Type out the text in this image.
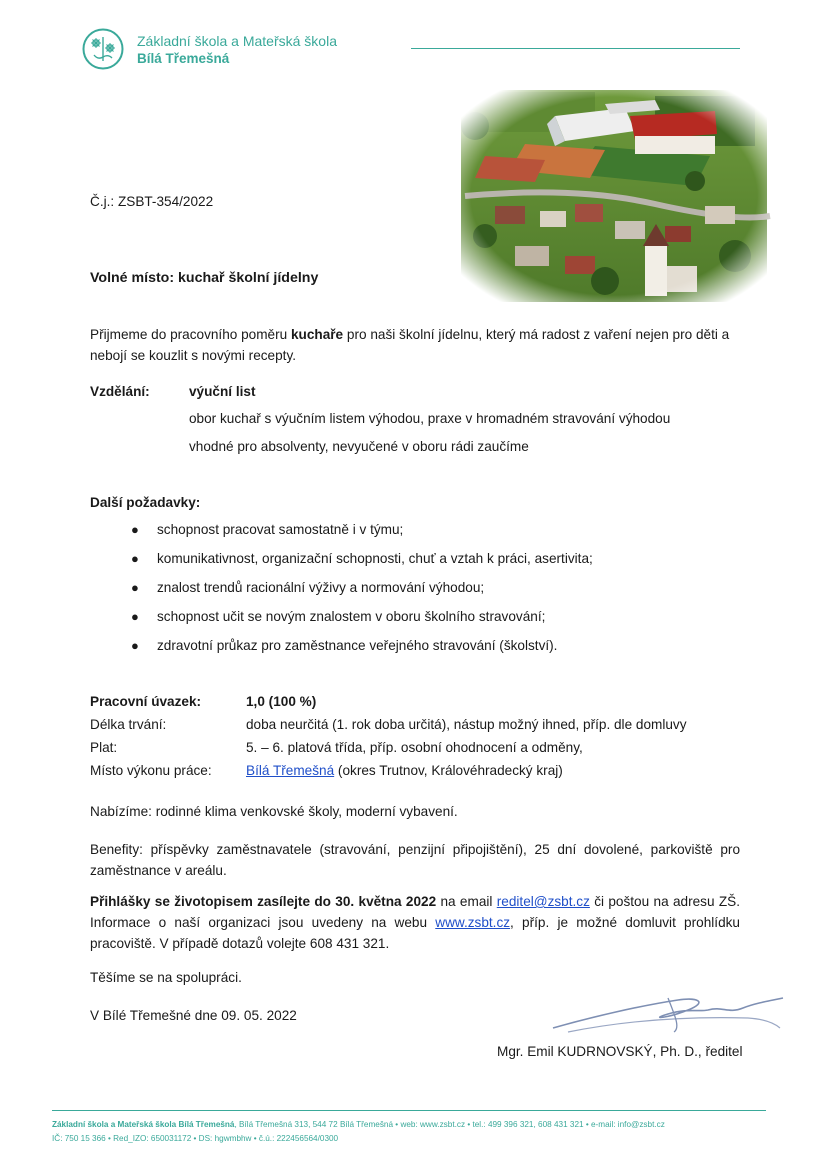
Základní škola a Mateřská škola
Bílá Třemešná
Č.j.: ZSBT-354/2022
Volné místo: kuchař školní jídelny
Přijmeme do pracovního poměru kuchaře pro naši školní jídelnu, který má radost z vaření nejen pro děti a nebojí se kouzlit s novými recepty.
Vzdělání:	výuční list
obor kuchař s výučním listem výhodou, praxe v hromadném stravování výhodou
vhodné pro absolventy, nevyučené v oboru rádi zaučíme
Další požadavky:
● schopnost pracovat samostatně i v týmu;
● komunikativnost, organizační schopnosti, chuť a vztah k práci, asertivita;
● znalost trendů racionální výživy a normování výhodou;
● schopnost učit se novým znalostem v oboru školního stravování;
● zdravotní průkaz pro zaměstnance veřejného stravování (školství).
Pracovní úvazek:	1,0 (100 %)
Délka trvání:	doba neurčitá (1. rok doba určitá), nástup možný ihned, příp. dle domluvy
Plat:	5. – 6. platová třída, příp. osobní ohodnocení a odměny,
Místo výkonu práce:	Bílá Třemešná (okres Trutnov, Královéhradecký kraj)
Nabízíme: rodinné klima venkovské školy, moderní vybavení.
Benefity: příspěvky zaměstnavatele (stravování, penzijní připojištění), 25 dní dovolené, parkoviště pro zaměstnance v areálu.
Přihlášky se životopisem zasílejte do 30. května 2022 na email reditel@zsbt.cz či poštou na adresu ZŠ. Informace o naší organizaci jsou uvedeny na webu www.zsbt.cz, příp. je možné domluvit prohlídku pracoviště. V případě dotazů volejte 608 431 321.
Těšíme se na spolupráci.
V Bílé Třemešné dne 09. 05. 2022
Mgr. Emil KUDRNOVSKÝ, Ph. D., ředitel
Základní škola a Mateřská škola Bílá Třemešná, Bílá Třemešná 313, 544 72 Bílá Třemešná • web: www.zsbt.cz • tel.: 499 396 321, 608 431 321 • e-mail: info@zsbt.cz
IČ: 750 15 366 • Red_IZO: 650031172 • DS: hgwmbhw • č.ú.: 222456564/0300
